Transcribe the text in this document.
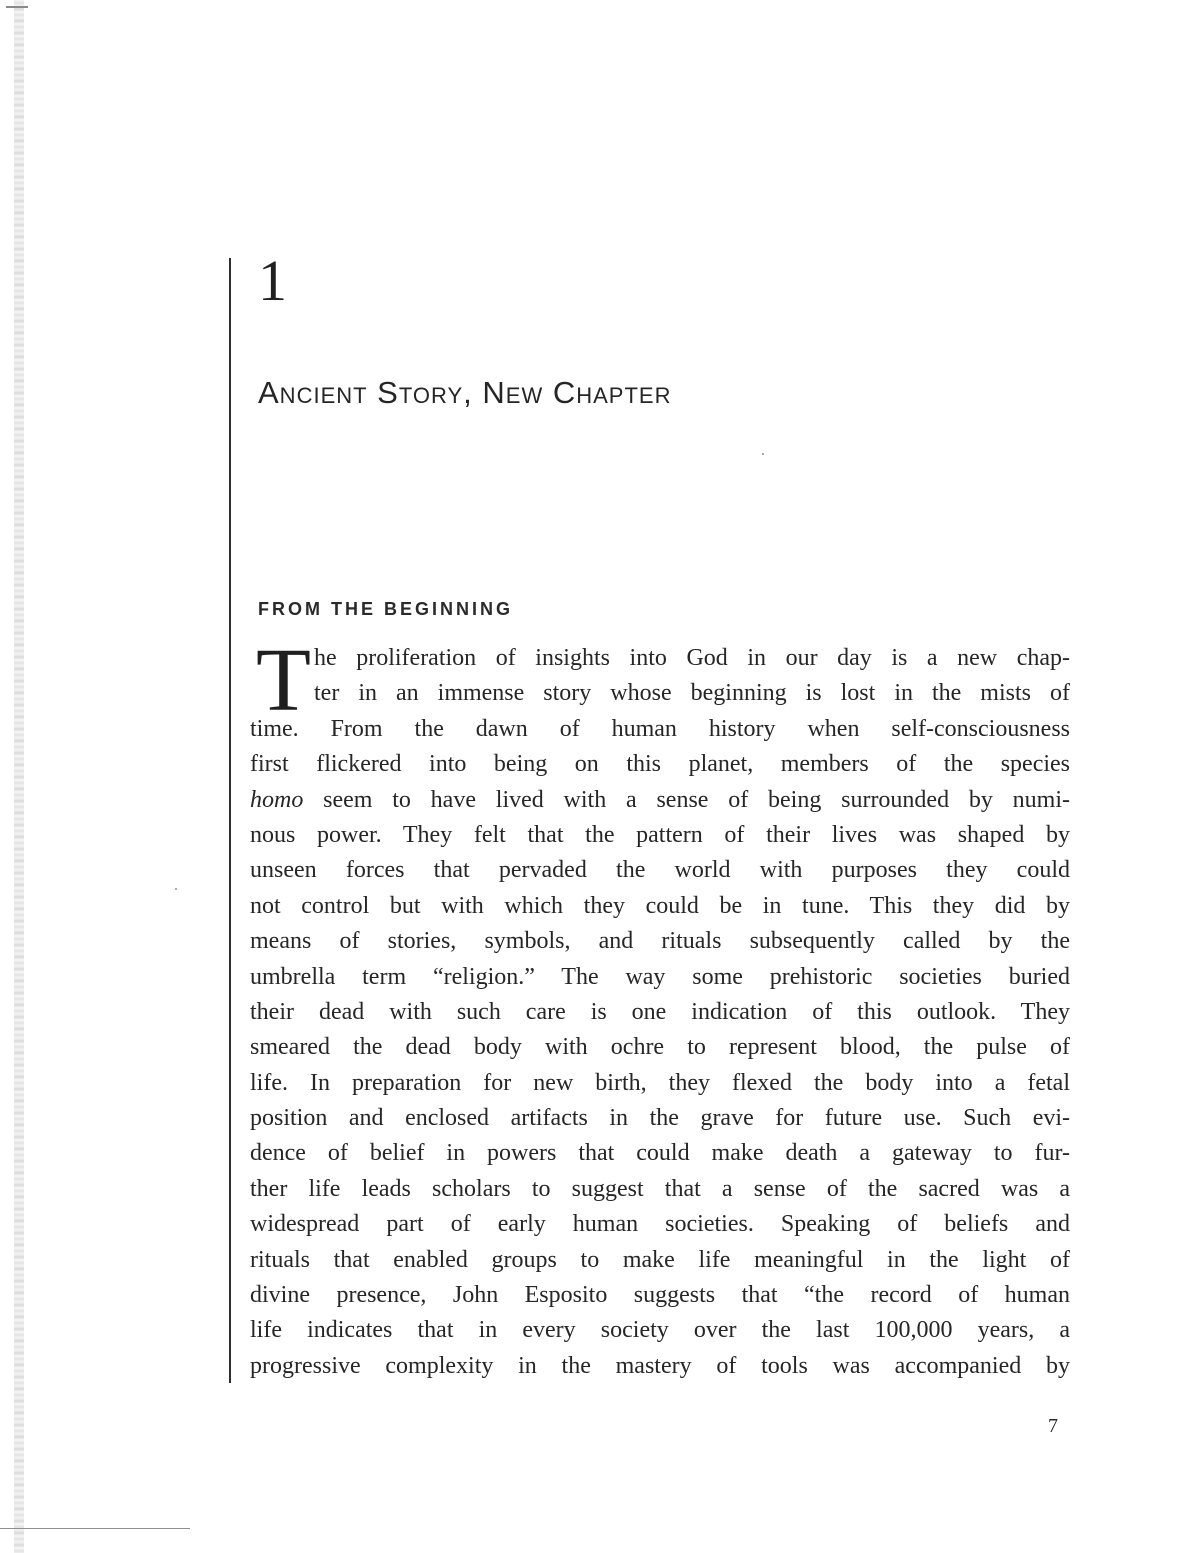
1
Ancient Story, New Chapter
FROM THE BEGINNING
T he proliferation of insights into God in our day is a new chap-
ter in an immense story whose beginning is lost in the mists of
time. From the dawn of human history when self-consciousness
first flickered into being on this planet, members of the species
homo seem to have lived with a sense of being surrounded by numi-
nous power. They felt that the pattern of their lives was shaped by
unseen forces that pervaded the world with purposes they could
not control but with which they could be in tune. This they did by
means of stories, symbols, and rituals subsequently called by the
umbrella term “religion.” The way some prehistoric societies buried
their dead with such care is one indication of this outlook. They
smeared the dead body with ochre to represent blood, the pulse of
life. In preparation for new birth, they flexed the body into a fetal
position and enclosed artifacts in the grave for future use. Such evi-
dence of belief in powers that could make death a gateway to fur-
ther life leads scholars to suggest that a sense of the sacred was a
widespread part of early human societies. Speaking of beliefs and
rituals that enabled groups to make life meaningful in the light of
divine presence, John Esposito suggests that “the record of human
life indicates that in every society over the last 100,000 years, a
progressive complexity in the mastery of tools was accompanied by
7
